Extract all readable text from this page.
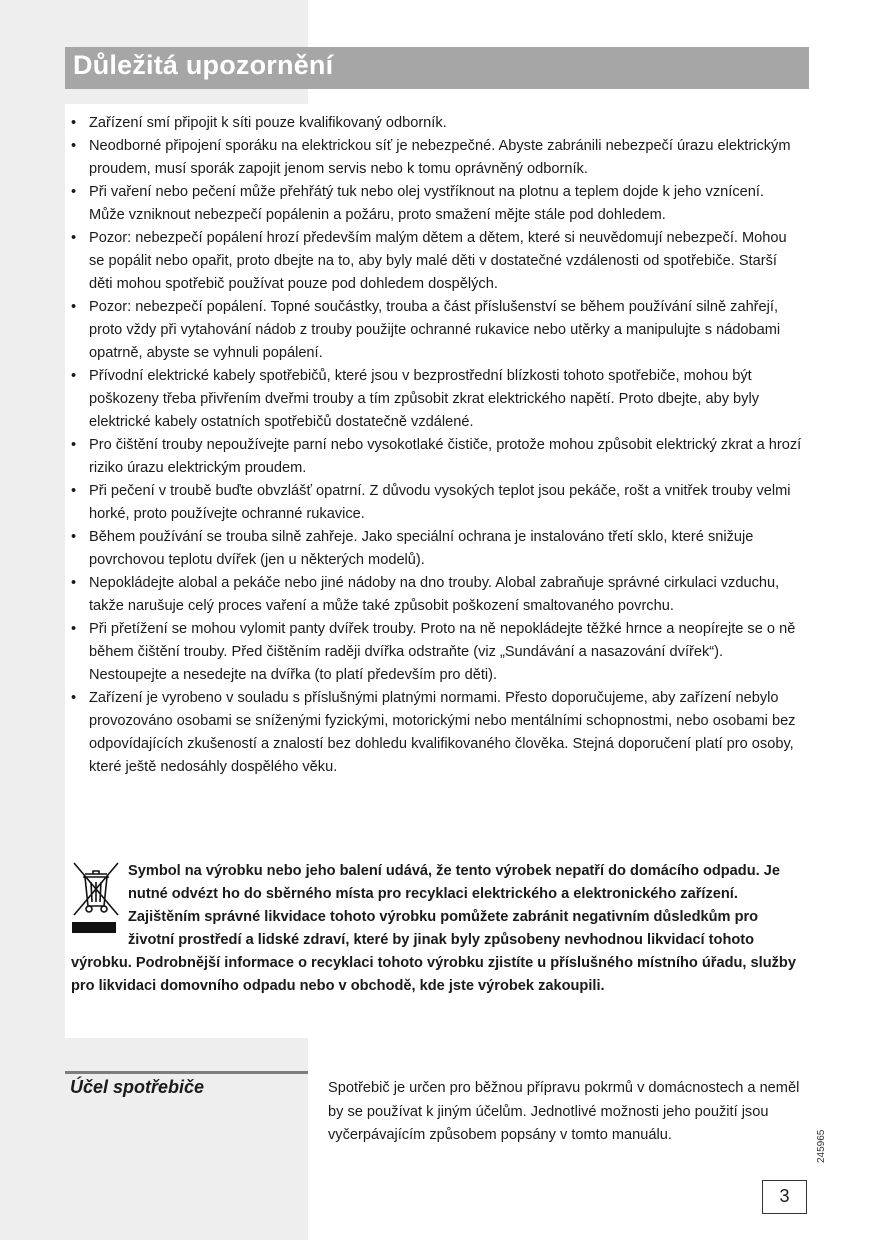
Důležitá upozornění
• Zařízení smí připojit k síti pouze kvalifikovaný odborník.
• Neodborné připojení sporáku na elektrickou síť je nebezpečné. Abyste zabránili nebezpečí úrazu elektrickým proudem, musí sporák zapojit jenom servis nebo k tomu oprávněný odborník.
• Při vaření nebo pečení může přehřátý tuk nebo olej vystříknout na plotnu a teplem dojde k jeho vznícení. Může vzniknout nebezpečí popálenin a požáru, proto smažení mějte stále pod dohledem.
• Pozor: nebezpečí popálení hrozí především malým dětem a dětem, které si neuvědomují nebezpečí. Mohou se popálit nebo opařit, proto dbejte na to, aby byly malé děti v dostatečné vzdálenosti od spotřebiče. Starší děti mohou spotřebič používat pouze pod dohledem dospělých.
• Pozor: nebezpečí popálení. Topné součástky, trouba a část příslušenství se během používání silně zahřejí, proto vždy při vytahování nádob z trouby použijte ochranné rukavice nebo utěrky a manipulujte s nádobami opatrně, abyste se vyhnuli popálení.
• Přívodní elektrické kabely spotřebičů, které jsou v bezprostřední blízkosti tohoto spotřebiče, mohou být poškozeny třeba přivřením dveřmi trouby a tím způsobit zkrat elektrického napětí. Proto dbejte, aby byly elektrické kabely ostatních spotřebičů dostatečně vzdálené.
• Pro čištění trouby nepoužívejte parní nebo vysokotlaké čističe, protože mohou způsobit elektrický zkrat a hrozí riziko úrazu elektrickým proudem.
• Při pečení v troubě buďte obvzlášť opatrní. Z důvodu vysokých teplot jsou pekáče, rošt a vnitřek trouby velmi horké, proto používejte ochranné rukavice.
• Během používání se trouba silně zahřeje. Jako speciální ochrana je instalováno třetí sklo, které snižuje povrchovou teplotu dvířek (jen u některých modelů).
• Nepokládejte alobal a pekáče nebo jiné nádoby na dno trouby. Alobal zabraňuje správné cirkulaci vzduchu, takže narušuje celý proces vaření a může také způsobit poškození smaltovaného povrchu.
• Při přetížení se mohou vylomit panty dvířek trouby. Proto na ně nepokládejte těžké hrnce a neopírejte se o ně během čištění trouby. Před čištěním raději dvířka odstraňte (viz „Sundávání a nasazování dvířek“). Nestoupejte a nesedejte na dvířka (to platí především pro děti).
• Zařízení je vyrobeno v souladu s příslušnými platnými normami. Přesto doporučujeme, aby zařízení nebylo provozováno osobami se sníženými fyzickými, motorickými nebo mentálními schopnostmi, nebo osobami bez odpovídajících zkušeností a znalostí bez dohledu kvalifikovaného člověka. Stejná doporučení platí pro osoby, které ještě nedosáhly dospělého věku.
Symbol na výrobku nebo jeho balení udává, že tento výrobek nepatří do domácího odpadu. Je nutné odvézt ho do sběrného místa pro recyklaci elektrického a elektronického zařízení. Zajištěním správné likvidace tohoto výrobku pomůžete zabránit negativním důsledkům pro životní prostředí a lidské zdraví, které by jinak byly způsobeny nevhodnou likvidací tohoto výrobku. Podrobnější informace o recyklaci tohoto výrobku zjistíte u příslušného místního úřadu, služby pro likvidaci domovního odpadu nebo v obchodě, kde jste výrobek zakoupili.
Účel spotřebiče	Spotřebič je určen pro běžnou přípravu pokrmů v domácnostech a neměl by se používat k jiným účelům. Jednotlivé možnosti jeho použití jsou vyčerpávajícím způsobem popsány v tomto manuálu.	245965
3
